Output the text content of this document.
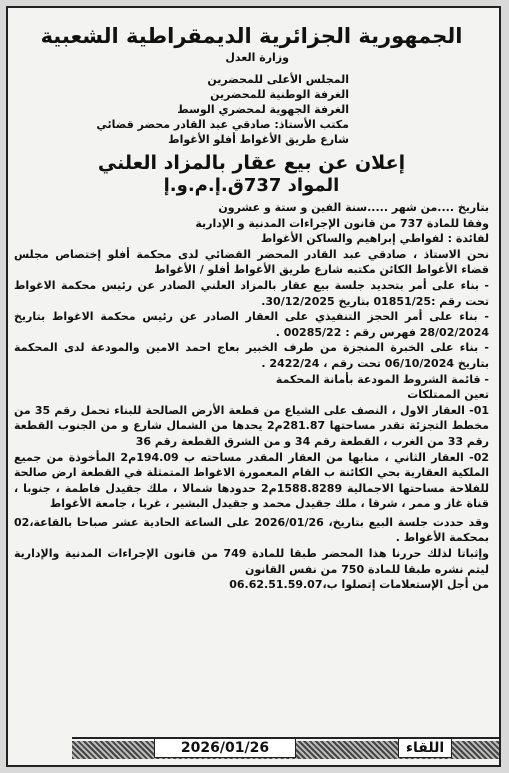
الجمهورية الجزائرية الديمقراطية الشعبية
وزارة العدل
المجلس الأعلى للمحضرين
الغرفة الوطنية للمحضرين
الغرفة الجهوية لمحضري الوسط
مكتب الأستاذ: صادقي عبد القادر محضر قضائي
شارع طريق الأغواط أفلو الأغواط
إعلان عن بيع عقار بالمزاد العلني
المواد 737ق.إ.م.و.إ
بتاريخ ....من شهر .....سنة الفين و ستة و عشرون
وفقا للمادة 737 من قانون الإجراءات المدنية و الإدارية
لفائدة : لفواطي إبراهيم والساكن الأغواط
نحن الاستاذ ، صادقي عبد القادر المحضر القضائي لدى محكمة أفلو إختصاص مجلس قضاء الأغواط الكائن مكتبه شارع طريق الأغواط أفلو / الأغواط
- بناء على أمر بتحديد جلسة بيع عقار بالمزاد العلني الصادر عن رئيس محكمة الاغواط تحت رقم :01851/25 بتاريخ 30/12/2025.
- بناء على أمر الحجز التنفيذي على العقار الصادر عن رئيس محكمة الاغواط بتاريخ 28/02/2024 فهرس رقم : 00285/22 .
- بناء على الخبرة المنجزة من طرف الخبير بعاج احمد الامين والمودعة لدى المحكمة بتاريخ 06/10/2024 تحت رقم ، 2422/24 .
- قائمة الشروط المودعة بأمانة المحكمة
تعين الممتلكات
01- العقار الاول ، النصف على الشياع من قطعة الأرض الصالحة للبناء تحمل رقم 35 من مخطط التجزئة تقدر مساحتها 281.87م2 يحدها من الشمال شارع و من الجنوب القطعة رقم 33 من الغرب ، القطعة رقم 34 و من الشرق القطعة رقم 36
02- العقار الثاني ، منابها من العقار المقدر مساحته ب 194.09م2 المأخوذة من جميع الملكية العقارية بحي الكائنة ب القام المعمورة الاغواط المتمثلة في القطعة ارض صالحة للفلاحة مساحتها الاجمالية 1588.8289م2 حدودها شمالا ، ملك جقيدل فاطمة ، جنوبا ، قناة غاز و ممر ، شرقا ، ملك جقيدل محمد و جقيدل البشير ، غربا ، جامعة الأغواط
وقد حددت جلسة البيع بتاريخ، 2026/01/26 على الساعة الحادية عشر صباحا بالقاعة،02 بمحكمة الأغواط .
وإثباتا لذلك حررنا هذا المحضر طبقا للمادة 749 من قانون الإجراءات المدنية والإدارية ليتم نشره طبقا للمادة 750 من نفس القانون
من أجل الإستعلامات إتصلوا ب،06.62.51.59.07
2026/01/26	اللقاء
